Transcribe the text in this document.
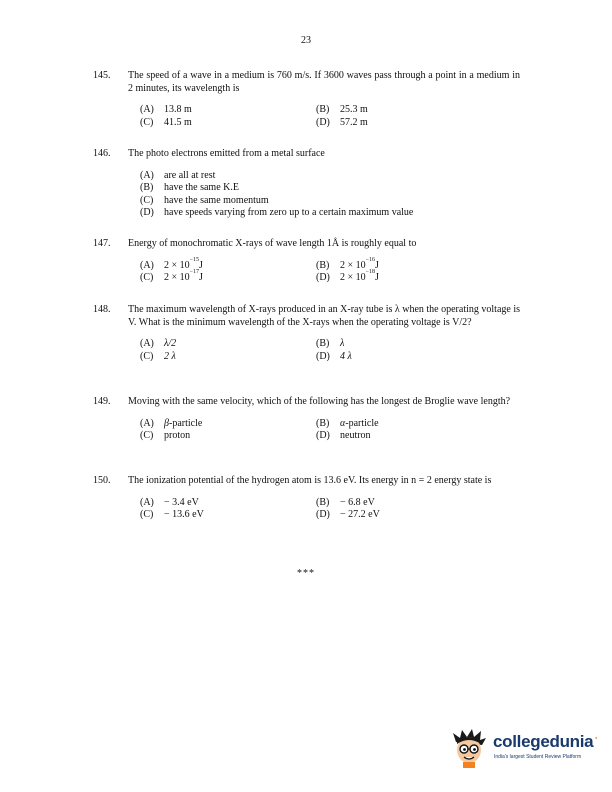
23
145.	The speed of a wave in a medium is 760 m/s. If 3600 waves pass through a point in a medium in 2 minutes, its wavelength is
(A)	13.8 m	(B)	25.3 m
(C)	41.5 m	(D)	57.2 m
146.	The photo electrons emitted from a metal surface
(A)	are all at rest
(B)	have the same K.E
(C)	have the same momentum
(D)	have speeds varying from zero up to a certain maximum value
147.	Energy of monochromatic X-rays of wave length 1Å is roughly equal to
(A)	2 × 10 −15 J	(B)	2 × 10 −16 J
(C)	2 × 10 −17 J	(D)	2 × 10 −18 J
148.	The maximum wavelength of X-rays produced in an X-ray tube is λ when the operating voltage is V. What is the minimum wavelength of the X-rays when the operating voltage is V/2?
(A)	λ/2	(B)	λ
(C)	2 λ	(D)	4 λ
149.	Moving with the same velocity, which of the following has the longest de Broglie wave length?
(A)	β -particle	(B)	α -particle
(C)	proton	(D)	neutron
150.	The ionization potential of the hydrogen atom is 13.6 eV. Its energy in n = 2 energy state is
(A)	− 3.4 eV	(B)	− 6.8 eV
(C)	− 13.6 eV	(D)	− 27.2 eV
***
collegedunia ●
India's largest Student Review Platform
